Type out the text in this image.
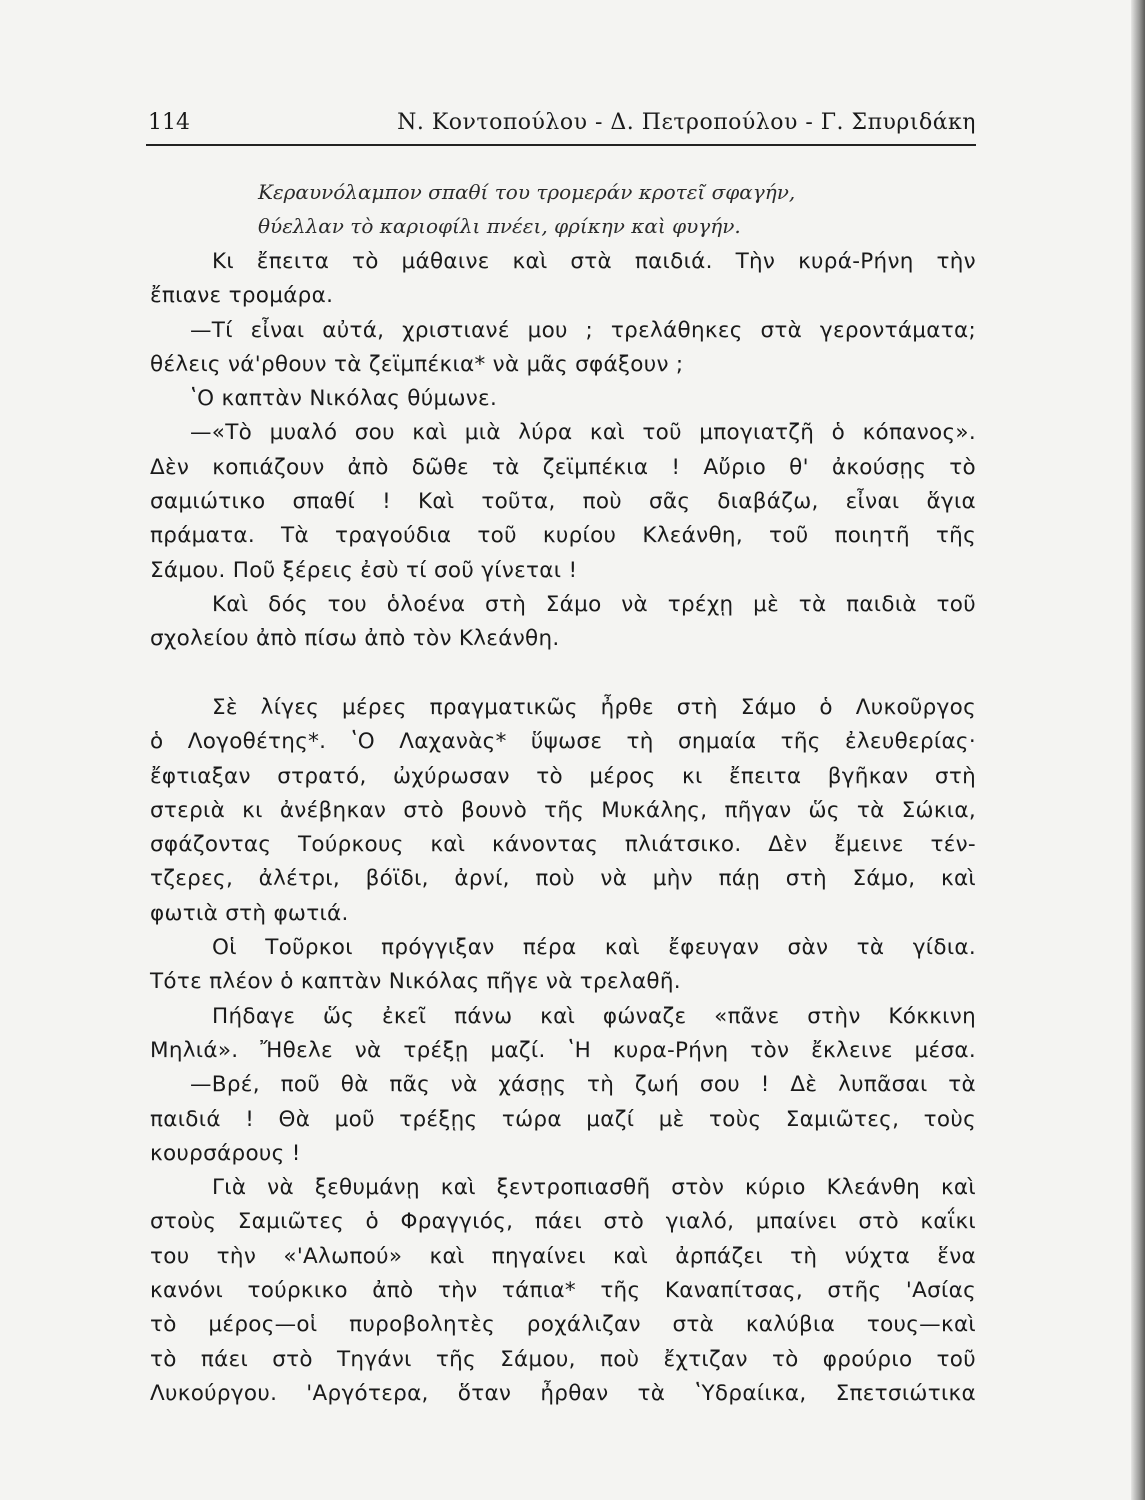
114	Ν. Κοντοπούλου - Δ. Πετροπούλου - Γ. Σπυριδάκη
Κεραυνόλαμπον σπαθί του τρομεράν κροτεῖ σφαγήν,
θύελλαν τὸ καριοφίλι πνέει, φρίκην καὶ φυγήν.
Κι ἔπειτα τὸ μάθαινε καὶ στὰ παιδιά. Τὴν κυρά-Ρήνη τὴν
ἔπιανε τρομάρα.
—Τί εἶναι αὐτά, χριστιανέ μου ; τρελάθηκες στὰ γεροντάματα;
θέλεις νά'ρθουν τὰ ζεϊμπέκια* νὰ μᾶς σφάξουν ;
ʽΟ καπτὰν Νικόλας θύμωνε.
—«Τὸ μυαλό σου καὶ μιὰ λύρα καὶ τοῦ μπογιατζῆ ὁ κόπανος».
Δὲν κοπιάζουν ἀπὸ δῶθε τὰ ζεϊμπέκια ! Αὔριο θ' ἀκούσῃς τὸ
σαμιώτικο σπαθί ! Καὶ τοῦτα, ποὺ σᾶς διαβάζω, εἶναι ἅγια
πράματα. Τὰ τραγούδια τοῦ κυρίου Κλεάνθη, τοῦ ποιητῆ τῆς
Σάμου. Ποῦ ξέρεις ἐσὺ τί σοῦ γίνεται !
Καὶ δός του ὁλοένα στὴ Σάμο νὰ τρέχῃ μὲ τὰ παιδιὰ τοῦ
σχολείου ἀπὸ πίσω ἀπὸ τὸν Κλεάνθη.
Σὲ λίγες μέρες πραγματικῶς ἦρθε στὴ Σάμο ὁ Λυκοῦργος
ὁ Λογοθέτης*. ʽΟ Λαχανὰς* ὕψωσε τὴ σημαία τῆς ἐλευθερίας·
ἔφτιαξαν στρατό, ὠχύρωσαν τὸ μέρος κι ἔπειτα βγῆκαν στὴ
στεριὰ κι ἀνέβηκαν στὸ βουνὸ τῆς Μυκάλης, πῆγαν ὥς τὰ Σώκια,
σφάζοντας Τούρκους καὶ κάνοντας πλιάτσικο. Δὲν ἔμεινε τέν-
τζερες, ἀλέτρι, βόϊδι, ἀρνί, ποὺ νὰ μὴν πάῃ στὴ Σάμο, καὶ
φωτιὰ στὴ φωτιά.
Οἱ Τοῦρκοι πρόγγιξαν πέρα καὶ ἔφευγαν σὰν τὰ γίδια.
Τότε πλέον ὁ καπτὰν Νικόλας πῆγε νὰ τρελαθῆ.
Πήδαγε ὥς ἐκεῖ πάνω καὶ φώναζε «πᾶνε στὴν Κόκκινη
Μηλιά». Ἤθελε νὰ τρέξῃ μαζί. ʽΗ κυρα-Ρήνη τὸν ἔκλεινε μέσα.
—Βρέ, ποῦ θὰ πᾶς νὰ χάσῃς τὴ ζωή σου ! Δὲ λυπᾶσαι τὰ
παιδιά ! Θὰ μοῦ τρέξῃς τώρα μαζί μὲ τοὺς Σαμιῶτες, τοὺς
κουρσάρους !
Γιὰ νὰ ξεθυμάνῃ καὶ ξεντροπιασθῆ στὸν κύριο Κλεάνθη καὶ
στοὺς Σαμιῶτες ὁ Φραγγιός, πάει στὸ γιαλό, μπαίνει στὸ καΐκι
του τὴν «'Αλωπού» καὶ πηγαίνει καὶ ἀρπάζει τὴ νύχτα ἕνα
κανόνι τούρκικο ἀπὸ τὴν τάπια* τῆς Καναπίτσας, στῆς 'Ασίας
τὸ μέρος—οἱ πυροβολητὲς ροχάλιζαν στὰ καλύβια τους—καὶ
τὸ πάει στὸ Τηγάνι τῆς Σάμου, ποὺ ἔχτιζαν τὸ φρούριο τοῦ
Λυκούργου. 'Αργότερα, ὅταν ἦρθαν τὰ ʽΥδραίικα, Σπετσιώτικα
